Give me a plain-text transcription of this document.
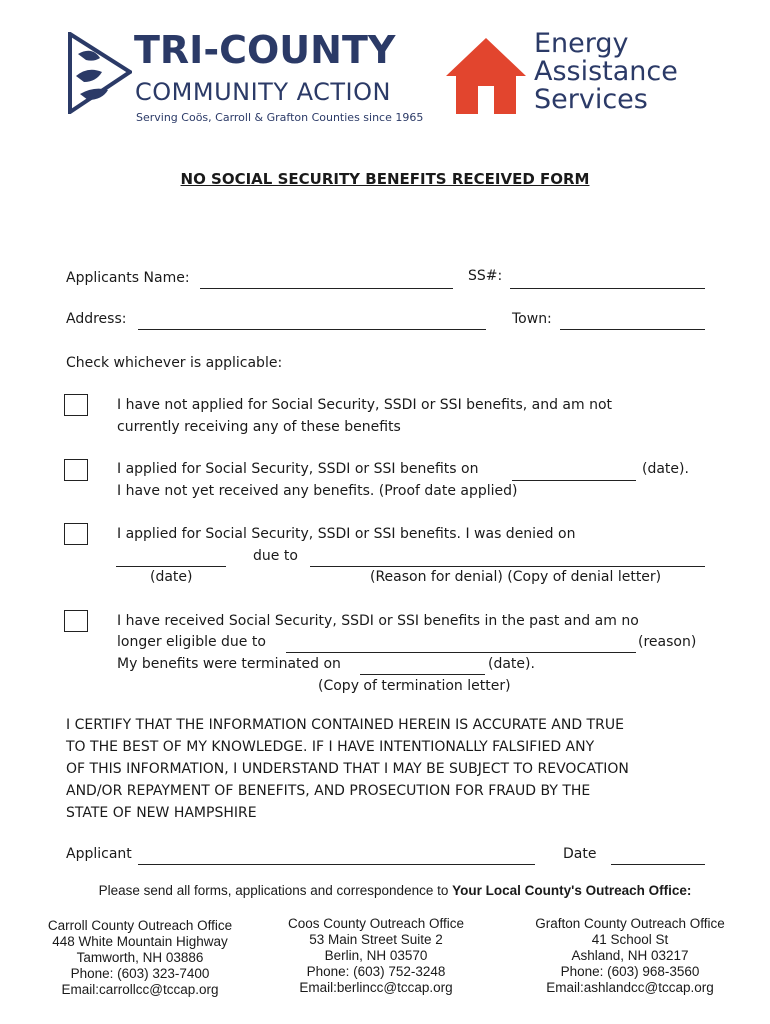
TRI-COUNTY
COMMUNITY ACTION
Serving Coös, Carroll & Grafton Counties since 1965
Energy
Assistance
Services
NO SOCIAL SECURITY BENEFITS RECEIVED FORM
Applicants Name:	SS#:
Address:	Town:
Check whichever is applicable:
I have not applied for Social Security, SSDI or SSI benefits, and am not
currently receiving any of these benefits
I applied for Social Security, SSDI or SSI benefits on	(date).
I have not yet received any benefits. (Proof date applied)
I applied for Social Security, SSDI or SSI benefits. I was denied on
due to
(date)	(Reason for denial) (Copy of denial letter)
I have received Social Security, SSDI or SSI benefits in the past and am no
longer eligible due to	(reason)
My benefits were terminated on	(date).
(Copy of termination letter)
I CERTIFY THAT THE INFORMATION CONTAINED HEREIN IS ACCURATE AND TRUE
TO THE BEST OF MY KNOWLEDGE. IF I HAVE INTENTIONALLY FALSIFIED ANY
OF THIS INFORMATION, I UNDERSTAND THAT I MAY BE SUBJECT TO REVOCATION
AND/OR REPAYMENT OF BENEFITS, AND PROSECUTION FOR FRAUD BY THE
STATE OF NEW HAMPSHIRE
Applicant	Date
Please send all forms, applications and correspondence to Your Local County's Outreach Office:
Carroll County Outreach Office
448 White Mountain Highway
Tamworth, NH 03886
Phone: (603) 323-7400
Email:carrollcc@tccap.org
Coos County Outreach Office
53 Main Street Suite 2
Berlin, NH 03570
Phone: (603) 752-3248
Email:berlincc@tccap.org
Grafton County Outreach Office
41 School St
Ashland, NH 03217
Phone: (603) 968-3560
Email:ashlandcc@tccap.org
